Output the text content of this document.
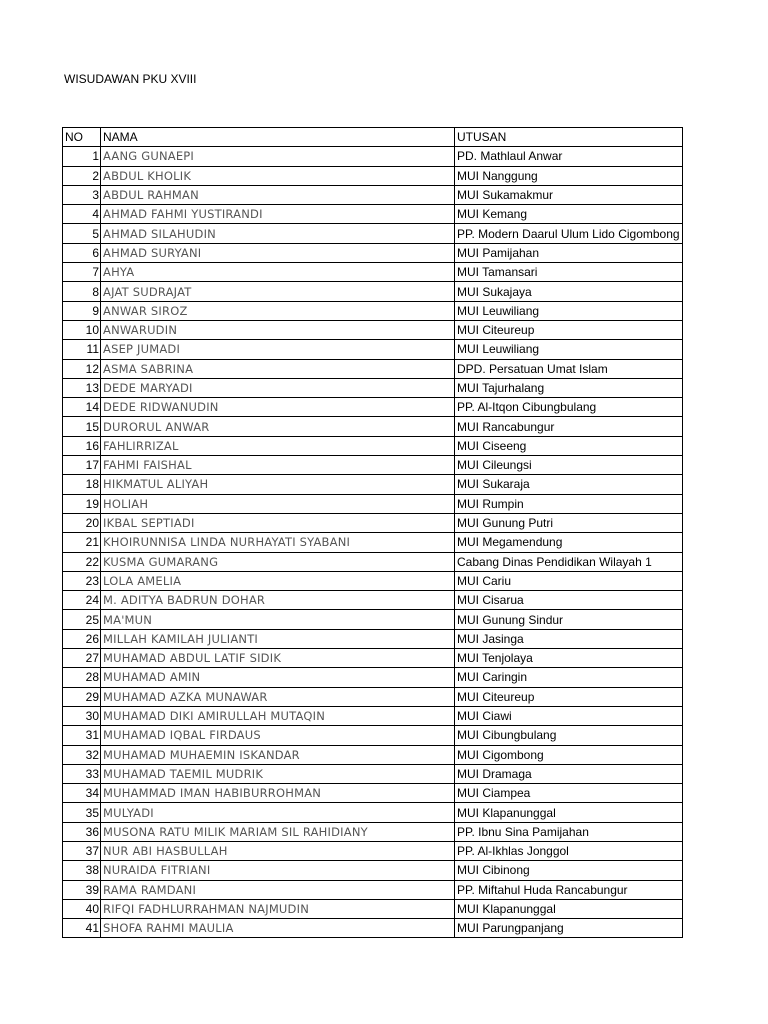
WISUDAWAN PKU XVIII
NO	NAMA	UTUSAN
1	AANG GUNAEPI	PD. Mathlaul Anwar
2	ABDUL KHOLIK	MUI Nanggung
3	ABDUL RAHMAN	MUI Sukamakmur
4	AHMAD FAHMI YUSTIRANDI	MUI Kemang
5	AHMAD SILAHUDIN	PP. Modern Daarul Ulum Lido Cigombong
6	AHMAD SURYANI	MUI Pamijahan
7	AHYA	MUI Tamansari
8	AJAT SUDRAJAT	MUI Sukajaya
9	ANWAR SIROZ	MUI Leuwiliang
10	ANWARUDIN	MUI Citeureup
11	ASEP JUMADI	MUI Leuwiliang
12	ASMA SABRINA	DPD. Persatuan Umat Islam
13	DEDE MARYADI	MUI Tajurhalang
14	DEDE RIDWANUDIN	PP. Al-Itqon Cibungbulang
15	DURORUL ANWAR	MUI Rancabungur
16	FAHLIRRIZAL	MUI Ciseeng
17	FAHMI FAISHAL	MUI Cileungsi
18	HIKMATUL ALIYAH	MUI Sukaraja
19	HOLIAH	MUI Rumpin
20	IKBAL SEPTIADI	MUI Gunung Putri
21	KHOIRUNNISA LINDA NURHAYATI SYABANI	MUI Megamendung
22	KUSMA GUMARANG	Cabang Dinas Pendidikan Wilayah 1
23	LOLA AMELIA	MUI Cariu
24	M. ADITYA BADRUN DOHAR	MUI Cisarua
25	MA'MUN	MUI Gunung Sindur
26	MILLAH KAMILAH JULIANTI	MUI Jasinga
27	MUHAMAD ABDUL LATIF SIDIK	MUI Tenjolaya
28	MUHAMAD AMIN	MUI Caringin
29	MUHAMAD AZKA MUNAWAR	MUI Citeureup
30	MUHAMAD DIKI AMIRULLAH MUTAQIN	MUI Ciawi
31	MUHAMAD IQBAL FIRDAUS	MUI Cibungbulang
32	MUHAMAD MUHAEMIN ISKANDAR	MUI Cigombong
33	MUHAMAD TAEMIL MUDRIK	MUI Dramaga
34	MUHAMMAD IMAN HABIBURROHMAN	MUI Ciampea
35	MULYADI	MUI Klapanunggal
36	MUSONA RATU MILIK MARIAM SIL RAHIDIANY	PP. Ibnu Sina Pamijahan
37	NUR ABI HASBULLAH	PP. Al-Ikhlas Jonggol
38	NURAIDA FITRIANI	MUI Cibinong
39	RAMA RAMDANI	PP. Miftahul Huda Rancabungur
40	RIFQI FADHLURRAHMAN NAJMUDIN	MUI Klapanunggal
41	SHOFA RAHMI MAULIA	MUI Parungpanjang
